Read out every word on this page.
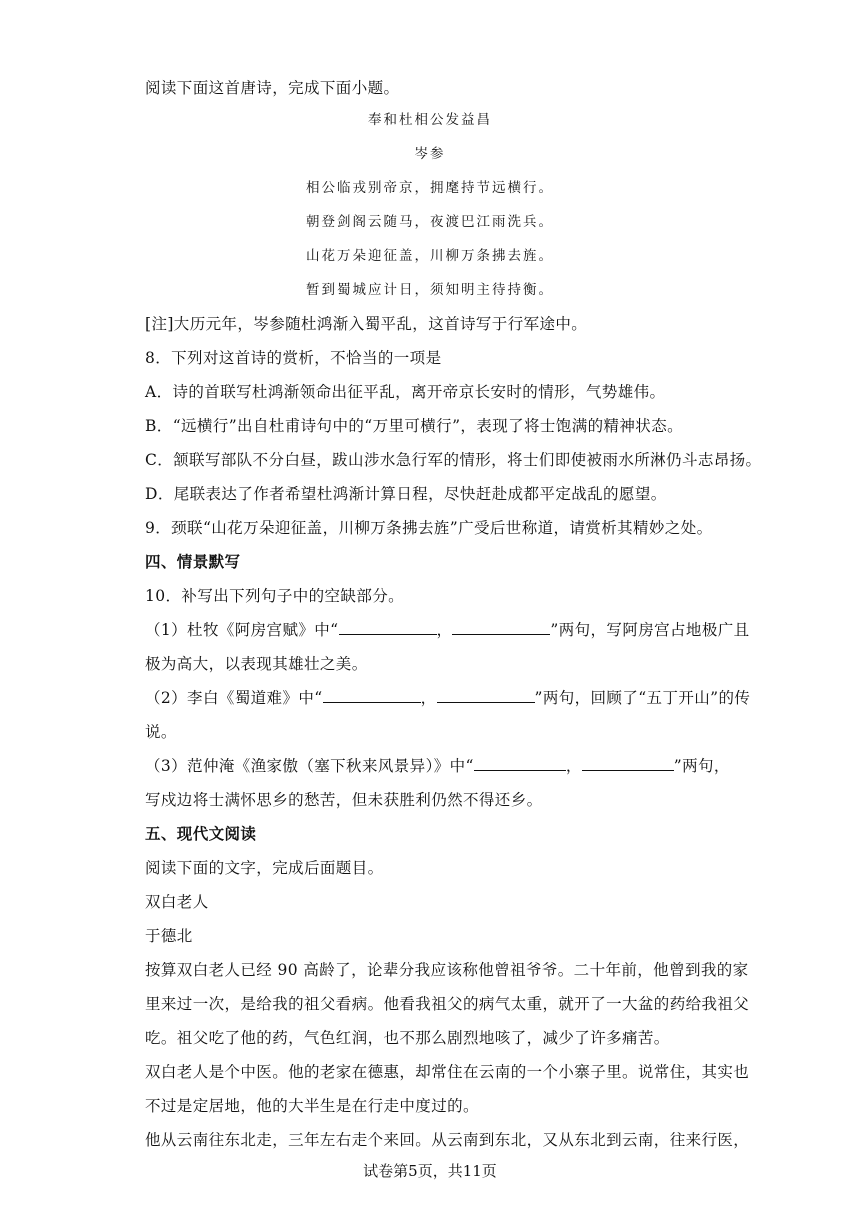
阅读下面这首唐诗，完成下面小题。
奉和杜相公发益昌
岑参
相公临戎别帝京，拥麾持节远横行。
朝登剑阁云随马，夜渡巴江雨洗兵。
山花万朵迎征盖，川柳万条拂去旌。
暂到蜀城应计日，须知明主待持衡。
[注]大历元年，岑参随杜鸿渐入蜀平乱，这首诗写于行军途中。
8．下列对这首诗的赏析，不恰当的一项是
A．诗的首联写杜鸿渐领命出征平乱，离开帝京长安时的情形，气势雄伟。
B．“远横行”出自杜甫诗句中的“万里可横行”，表现了将士饱满的精神状态。
C．颔联写部队不分白昼，跋山涉水急行军的情形，将士们即使被雨水所淋仍斗志昂扬。
D．尾联表达了作者希望杜鸿渐计算日程，尽快赶赴成都平定战乱的愿望。
9．颈联“山花万朵迎征盖，川柳万条拂去旌”广受后世称道，请赏析其精妙之处。
四、情景默写
10．补写出下列句子中的空缺部分。
（1）杜牧《阿房宫赋》中“	，	”两句，写阿房宫占地极广且
极为高大，以表现其雄壮之美。
（2）李白《蜀道难》中“	，	”两句，回顾了“五丁开山”的传
说。
（3）范仲淹《渔家傲（塞下秋来风景异）》中“	，	”两句，
写戍边将士满怀思乡的愁苦，但未获胜利仍然不得还乡。
五、现代文阅读
阅读下面的文字，完成后面题目。
双白老人
于德北
按算双白老人已经 90 高龄了，论辈分我应该称他曾祖爷爷。二十年前，他曾到我的家
里来过一次，是给我的祖父看病。他看我祖父的病气太重，就开了一大盆的药给我祖父
吃。祖父吃了他的药，气色红润，也不那么剧烈地咳了，减少了许多痛苦。
双白老人是个中医。他的老家在德惠，却常住在云南的一个小寨子里。说常住，其实也
不过是定居地，他的大半生是在行走中度过的。
他从云南往东北走，三年左右走个来回。从云南到东北，又从东北到云南，往来行医，
试卷第5页，共11页
